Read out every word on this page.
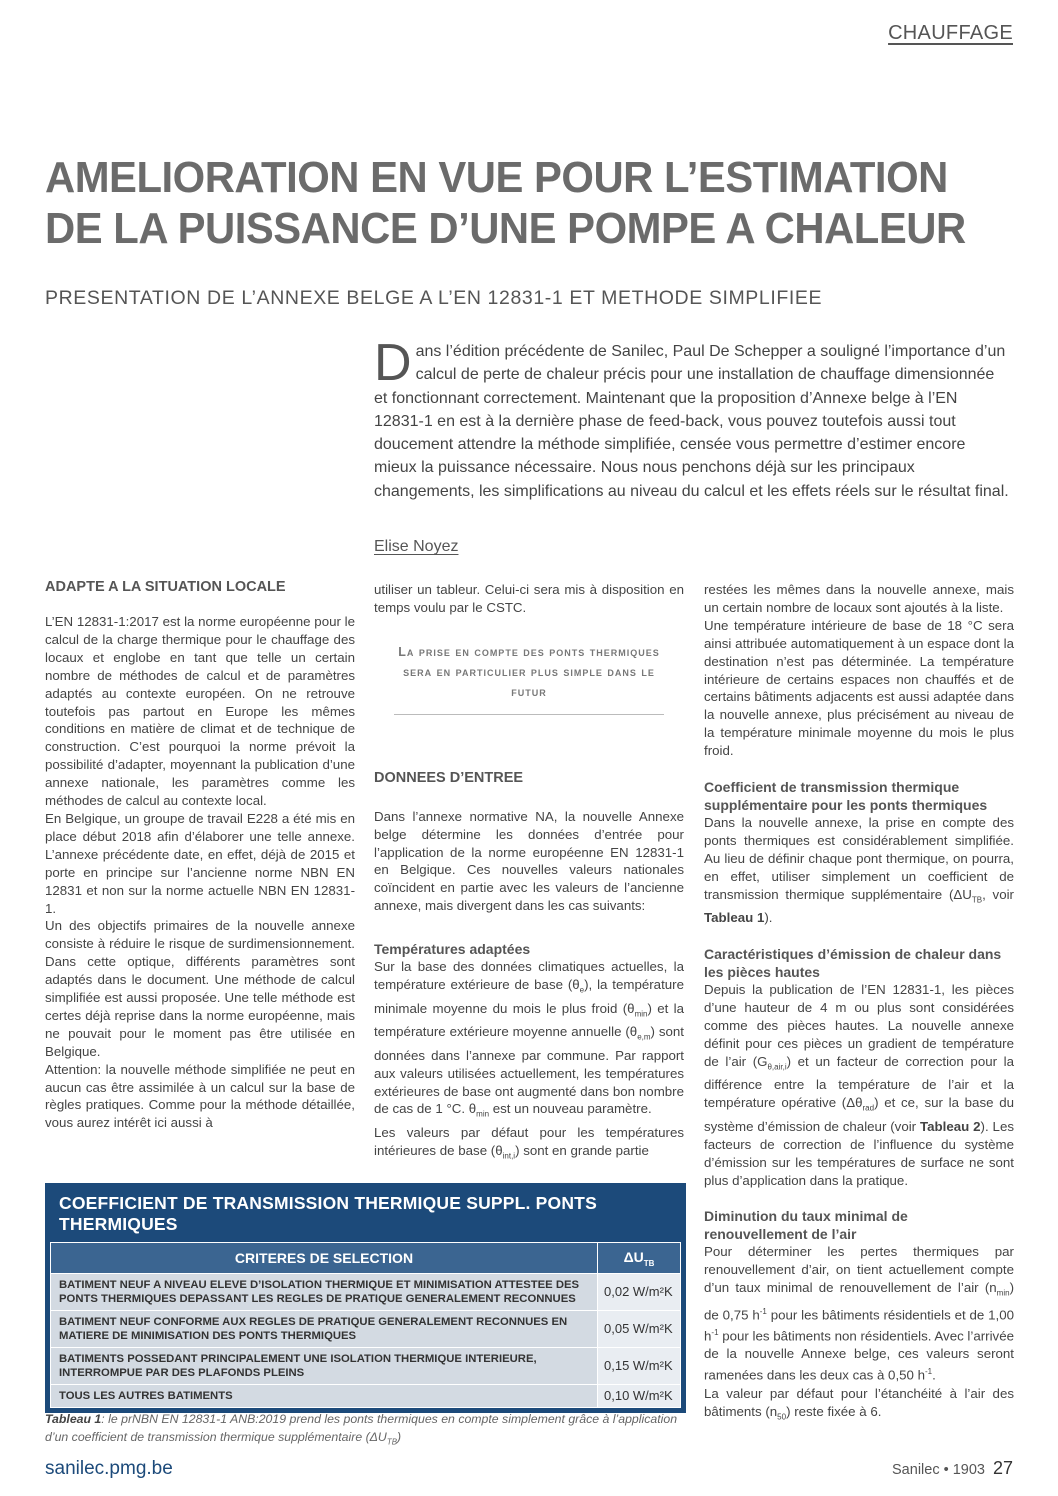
CHAUFFAGE
AMELIORATION EN VUE POUR L’ESTIMATION
DE LA PUISSANCE D’UNE POMPE A CHALEUR
PRESENTATION DE L’ANNEXE BELGE A L’EN 12831-1 ET METHODE SIMPLIFIEE
Dans l’édition précédente de Sanilec, Paul De Schepper a souligné l’importance d’un calcul de perte de chaleur précis pour une installation de chauffage dimensionnée et fonctionnant correctement. Maintenant que la proposition d’Annexe belge à l’EN 12831-1 en est à la dernière phase de feed-back, vous pouvez toutefois aussi tout doucement attendre la méthode simplifiée, censée vous permettre d’estimer encore mieux la puissance nécessaire. Nous nous penchons déjà sur les principaux changements, les simplifications au niveau du calcul et les effets réels sur le résultat final.
Elise Noyez
ADAPTE A LA SITUATION LOCALE

L’EN 12831-1:2017 est la norme européenne pour le calcul de la charge thermique pour le chauffage des locaux et englobe en tant que telle un certain nombre de méthodes de calcul et de paramètres adaptés au contexte européen. On ne retrouve toutefois pas partout en Europe les mêmes conditions en matière de climat et de technique de construction. C’est pourquoi la norme prévoit la possibilité d’adapter, moyennant la publication d’une annexe nationale, les paramètres comme les méthodes de calcul au contexte local.

En Belgique, un groupe de travail E228 a été mis en place début 2018 afin d’élaborer une telle annexe. L’annexe précédente date, en effet, déjà de 2015 et porte en principe sur l’ancienne norme NBN EN 12831 et non sur la norme actuelle NBN EN 12831-1.

Un des objectifs primaires de la nouvelle annexe consiste à réduire le risque de surdimensionnement. Dans cette optique, différents paramètres sont adaptés dans le document. Une méthode de calcul simplifiée est aussi proposée. Une telle méthode est certes déjà reprise dans la norme européenne, mais ne pouvait pour le moment pas être utilisée en Belgique.

Attention: la nouvelle méthode simplifiée ne peut en aucun cas être assimilée à un calcul sur la base de règles pratiques. Comme pour la méthode détaillée, vous aurez intérêt ici aussi à

utiliser un tableur. Celui-ci sera mis à disposition en temps voulu par le CSTC.

La prise en compte des ponts thermiques sera en particulier plus simple dans le futur
DONNEES D’ENTREE

Dans l’annexe normative NA, la nouvelle Annexe belge détermine les données d’entrée pour l’application de la norme européenne EN 12831-1 en Belgique. Ces nouvelles valeurs nationales coïncident en partie avec les valeurs de l’ancienne annexe, mais divergent dans les cas suivants:

Températures adaptées

Sur la base des données climatiques actuelles, la température extérieure de base $(\theta_e)$, la température minimale moyenne du mois le plus froid $(\theta_{min})$ et la température extérieure moyenne annuelle $(\theta_{e,m})$ sont données dans l’annexe par commune. Par rapport aux valeurs utilisées actuellement, les températures extérieures de base ont augmenté dans bon nombre de cas de 1 °C. $\theta_{min}$ est un nouveau paramètre.

Les valeurs par défaut pour les températures intérieures de base $(\theta_{int,i})$ sont en grande partie

restées les mêmes dans la nouvelle annexe, mais un certain nombre de locaux sont ajoutés à la liste.

Une température intérieure de base de 18 °C sera ainsi attribuée automatiquement à un espace dont la destination n’est pas déterminée. La température intérieure de certains espaces non chauffés et de certains bâtiments adjacents est aussi adaptée dans la nouvelle annexe, plus précisément au niveau de la température minimale moyenne du mois le plus froid.

Coefficient de transmission thermique supplémentaire pour les ponts thermiques

Dans la nouvelle annexe, la prise en compte des ponts thermiques est considérablement simplifiée. Au lieu de définir chaque pont thermique, on pourra, en effet, utiliser simplement un coefficient de transmission thermique supplémentaire ($\Delta U_{TB}$, voir Tableau 1).

Caractéristiques d’émission de chaleur dans les pièces hautes

Depuis la publication de l’EN 12831-1, les pièces d’une hauteur de 4 m ou plus sont considérées comme des pièces hautes. La nouvelle annexe définit pour ces pièces un gradient de température de l’air $(G_{\theta,air,i})$ et un facteur de correction pour la différence entre la température de l’air et la température opérative $(\Delta\theta_{rad})$ et ce, sur la base du système d’émission de chaleur (voir Tableau 2). Les facteurs de correction de l’influence du système d’émission sur les températures de surface ne sont plus d’application dans la pratique.

Diminution du taux minimal de renouvellement de l’air

Pour déterminer les pertes thermiques par renouvellement d’air, on tient actuellement compte d’un taux minimal de renouvellement de l’air $(n_{min})$ de 0,75 $h^{-1}$ pour les bâtiments résidentiels et de 1,00 $h^{-1}$ pour les bâtiments non résidentiels. Avec l’arrivée de la nouvelle Annexe belge, ces valeurs seront ramenées dans les deux cas à 0,50 $h^{-1}$.

La valeur par défaut pour l’étanchéité à l’air des bâtiments $(n_{50})$ reste fixée à 6.

COEFFICIENT DE TRANSMISSION THERMIQUE SUPPL. PONTS THERMIQUES
CRITERES DE SELECTION	$\Delta U_{TB}$
BATIMENT NEUF A NIVEAU ELEVE D’ISOLATION THERMIQUE ET MINIMISATION ATTESTEE DES PONTS THERMIQUES DEPASSANT LES REGLES DE PRATIQUE GENERALEMENT RECONNUES	0,02 W/m²K
BATIMENT NEUF CONFORME AUX REGLES DE PRATIQUE GENERALEMENT RECONNUES EN MATIERE DE MINIMISATION DES PONTS THERMIQUES	0,05 W/m²K
BATIMENTS POSSEDANT PRINCIPALEMENT UNE ISOLATION THERMIQUE INTERIEURE, INTERROMPUE PAR DES PLAFONDS PLEINS	0,15 W/m²K
TOUS LES AUTRES BATIMENTS	0,10 W/m²K
Tableau 1: le prNBN EN 12831-1 ANB:2019 prend les ponts thermiques en compte simplement grâce à l’application d’un coefficient de transmission thermique supplémentaire $(\Delta U_{TB})$
sanilec.pmg.be	Sanilec • 1903 27
